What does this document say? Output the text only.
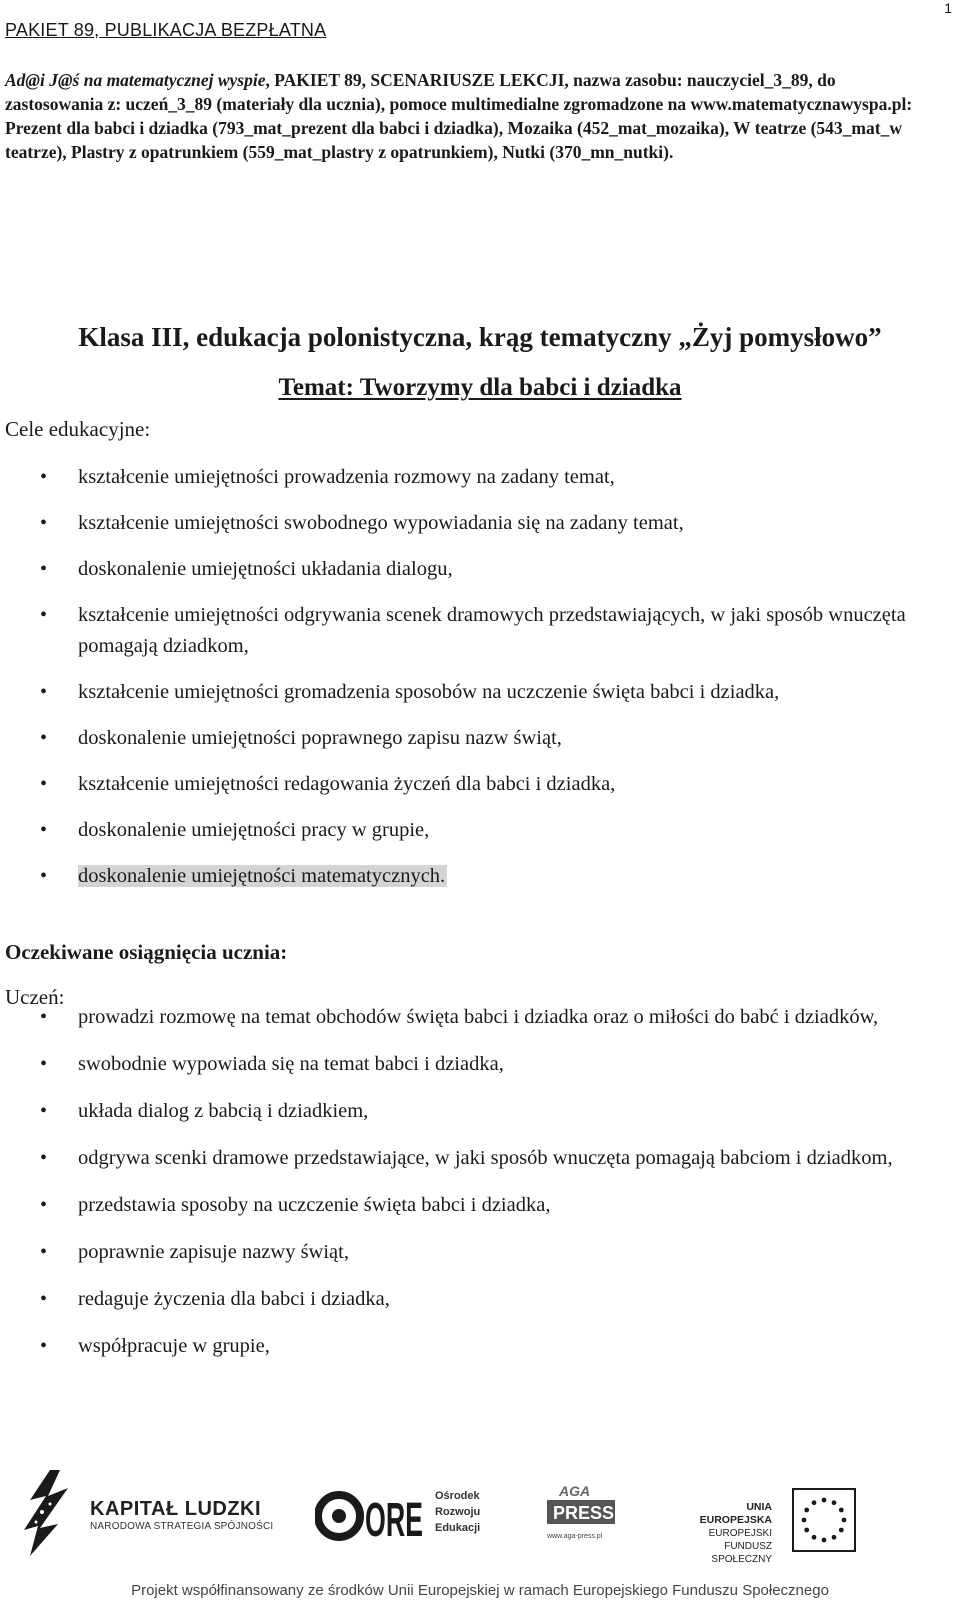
1
PAKIET 89, PUBLIKACJA BEZPŁATNA
Ad@i J@ś na matematycznej wyspie, PAKIET 89, SCENARIUSZE LEKCJI, nazwa zasobu: nauczyciel_3_89, do zastosowania z: uczeń_3_89 (materiały dla ucznia), pomoce multimedialne zgromadzone na www.matematycznawyspa.pl: Prezent dla babci i dziadka (793_mat_prezent dla babci i dziadka), Mozaika (452_mat_mozaika), W teatrze (543_mat_w teatrze), Plastry z opatrunkiem (559_mat_plastry z opatrunkiem), Nutki (370_mn_nutki).
Klasa III, edukacja polonistyczna, krąg tematyczny „Żyj pomysłowo”
Temat: Tworzymy dla babci i dziadka
Cele edukacyjne:
• kształcenie umiejętności prowadzenia rozmowy na zadany temat,
• kształcenie umiejętności swobodnego wypowiadania się na zadany temat,
• doskonalenie umiejętności układania dialogu,
• kształcenie umiejętności odgrywania scenek dramowych przedstawiających, w jaki sposób wnuczęta pomagają dziadkom,
• kształcenie umiejętności gromadzenia sposobów na uczczenie święta babci i dziadka,
• doskonalenie umiejętności poprawnego zapisu nazw świąt,
• kształcenie umiejętności redagowania życzeń dla babci i dziadka,
• doskonalenie umiejętności pracy w grupie,
• doskonalenie umiejętności matematycznych.
Oczekiwane osiągnięcia ucznia:
Uczeń:
• prowadzi rozmowę na temat obchodów święta babci i dziadka oraz o miłości do babć i dziadków,
• swobodnie wypowiada się na temat babci i dziadka,
• układa dialog z babcią i dziadkiem,
• odgrywa scenki dramowe przedstawiające, w jaki sposób wnuczęta pomagają babciom i dziadkom,
• przedstawia sposoby na uczczenie święta babci i dziadka,
• poprawnie zapisuje nazwy świąt,
• redaguje życzenia dla babci i dziadka,
• współpracuje w grupie,
KAPITAŁ LUDZKI
NARODOWA STRATEGIA SPÓJNOŚCI ORE Ośrodek
Rozwoju
Edukacji
AGA
PRESS
www.aga-press.pl
UNIA EUROPEJSKA
EUROPEJSKI
FUNDUSZ SPOŁECZNY
Projekt współfinansowany ze środków Unii Europejskiej w ramach Europejskiego Funduszu Społecznego
